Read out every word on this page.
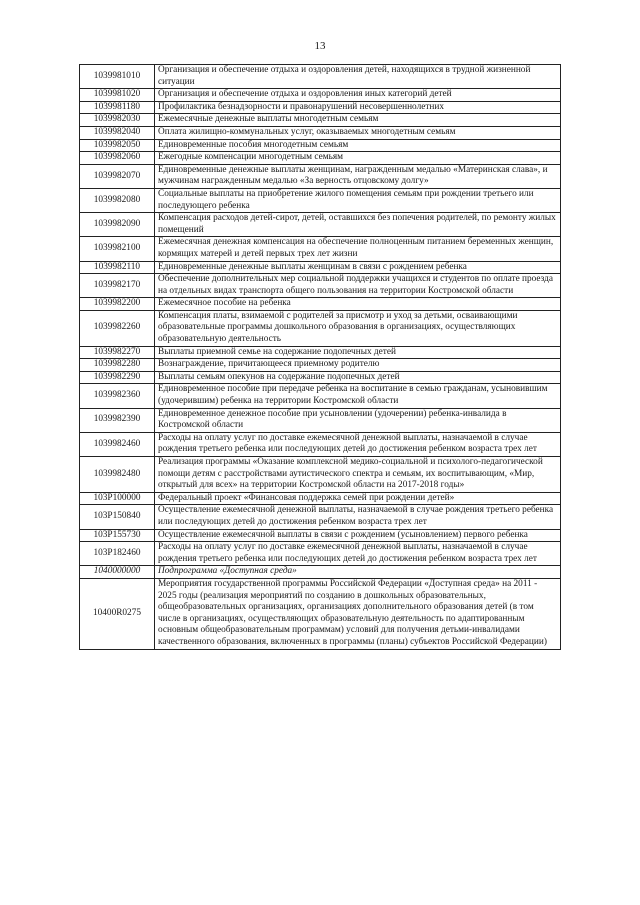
13
1039981010	Организация и обеспечение отдыха и оздоровления детей, находящихся в трудной жизненной ситуации
1039981020	Организация и обеспечение отдыха и оздоровления иных категорий детей
1039981180	Профилактика безнадзорности и правонарушений несовершеннолетних
1039982030	Ежемесячные денежные выплаты многодетным семьям
1039982040	Оплата жилищно-коммунальных услуг, оказываемых многодетным семьям
1039982050	Единовременные пособия многодетным семьям
1039982060	Ежегодные компенсации многодетным семьям
1039982070	Единовременные денежные выплаты женщинам, награжденным медалью «Материнская слава», и мужчинам награжденным медалью «За верность отцовскому долгу»
1039982080	Социальные выплаты на приобретение жилого помещения семьям при рождении третьего или последующего ребенка
1039982090	Компенсация расходов детей-сирот, детей, оставшихся без попечения родителей, по ремонту жилых помещений
1039982100	Ежемесячная денежная компенсация на обеспечение полноценным питанием беременных женщин, кормящих матерей и детей первых трех лет жизни
1039982110	Единовременные денежные выплаты женщинам в связи с рождением ребенка
1039982170	Обеспечение дополнительных мер социальной поддержки учащихся и студентов по оплате проезда на отдельных видах транспорта общего пользования на территории Костромской области
1039982200	Ежемесячное пособие на ребенка
1039982260	Компенсация платы, взимаемой с родителей за присмотр и уход за детьми, осваивающими образовательные программы дошкольного образования в организациях, осуществляющих образовательную деятельность
1039982270	Выплаты приемной семье на содержание подопечных детей
1039982280	Вознаграждение, причитающееся приемному родителю
1039982290	Выплаты семьям опекунов на содержание подопечных детей
1039982360	Единовременное пособие при передаче ребенка на воспитание в семью гражданам, усыновившим (удочерившим) ребенка на территории Костромской области
1039982390	Единовременное денежное пособие при усыновлении (удочерении) ребенка-инвалида в Костромской области
1039982460	Расходы на оплату услуг по доставке ежемесячной денежной выплаты, назначаемой в случае рождения третьего ребенка или последующих детей до достижения ребенком возраста трех лет
1039982480	Реализация программы «Оказание комплексной медико-социальной и психолого-педагогической помощи детям с расстройствами аутистического спектра и семьям, их воспитывающим, «Мир, открытый для всех» на территории Костромской области на 2017-2018 годы»
103P100000	Федеральный проект «Финансовая поддержка семей при рождении детей»
103P150840	Осуществление ежемесячной денежной выплаты, назначаемой в случае рождения третьего ребенка или последующих детей до достижения ребенком возраста трех лет
103P155730	Осуществление ежемесячной выплаты в связи с рождением (усыновлением) первого ребенка
103P182460	Расходы на оплату услуг по доставке ежемесячной денежной выплаты, назначаемой в случае рождения третьего ребенка или последующих детей до достижения ребенком возраста трех лет
1040000000	Подпрограмма «Доступная среда»
10400R0275	Мероприятия государственной программы Российской Федерации «Доступная среда» на 2011 - 2025 годы (реализация мероприятий по созданию в дошкольных образовательных, общеобразовательных организациях, организациях дополнительного образования детей (в том числе в организациях, осуществляющих образовательную деятельность по адаптированным основным общеобразовательным программам) условий для получения детьми-инвалидами качественного образования, включенных в программы (планы) субъектов Российской Федерации)
